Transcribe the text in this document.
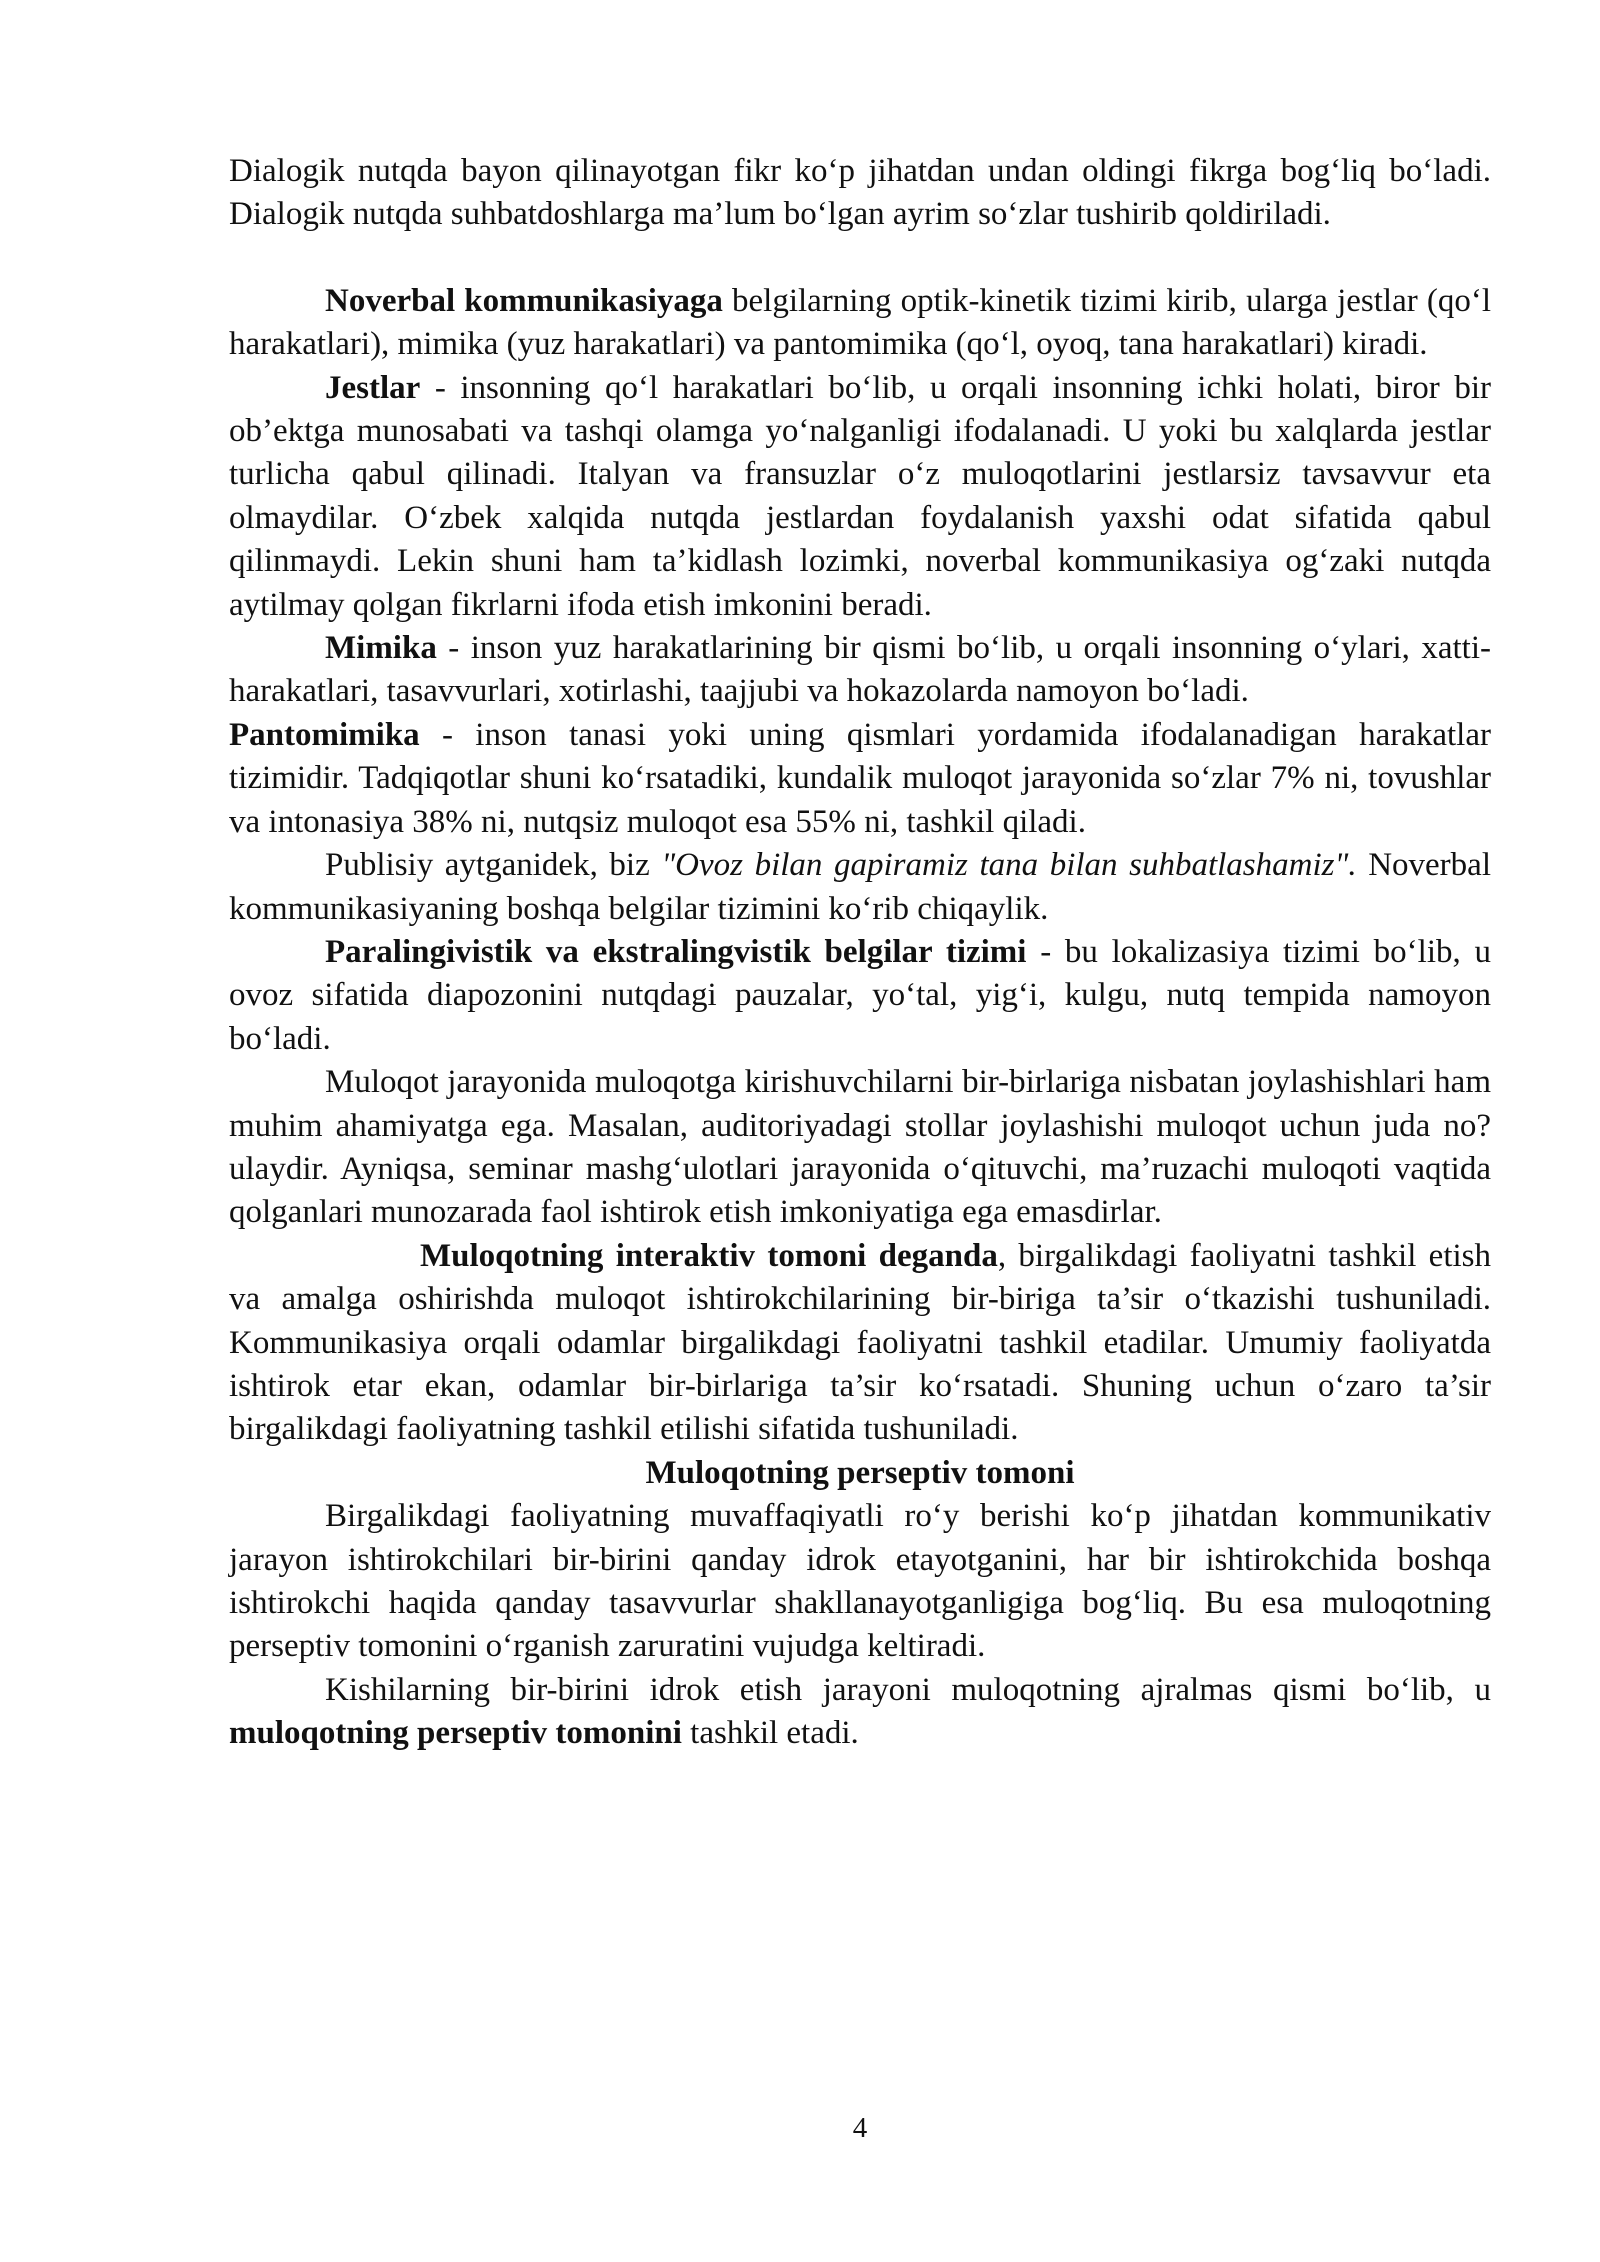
Dialogik nutqda bayon qilinayotgan fikr ko‘p jihatdan undan oldingi fikrga bog‘liq bo‘ladi. Dialogik nutqda suhbatdoshlarga ma’lum bo‘lgan ayrim so‘zlar tushirib qoldiriladi.

Noverbal kommunikasiyaga belgilarning optik-kinetik tizimi kirib, ularga jestlar (qo‘l harakatlari), mimika (yuz harakatlari) va pantomimika (qo‘l, oyoq, tana harakatlari) kiradi.

Jestlar - insonning qo‘l harakatlari bo‘lib, u orqali insonning ichki holati, biror bir ob’ektga munosabati va tashqi olamga yo‘nalganligi ifodalanadi. U yoki bu xalqlarda jestlar turlicha qabul qilinadi. Italyan va fransuzlar o‘z muloqotlarini jestlarsiz tavsavvur eta olmaydilar. O‘zbek xalqida nutqda jestlardan foydalanish yaxshi odat sifatida qabul qilinmaydi. Lekin shuni ham ta’kidlash lozimki, noverbal kommunikasiya og‘zaki nutqda aytilmay qolgan fikrlarni ifoda etish imkonini beradi.

Mimika - inson yuz harakatlarining bir qismi bo‘lib, u orqali insonning o‘ylari, xatti-harakatlari, tasavvurlari, xotirlashi, taajjubi va hokazolarda namoyon bo‘ladi.

Pantomimika - inson tanasi yoki uning qismlari yordamida ifodalanadigan harakatlar tizimidir. Tadqiqotlar shuni ko‘rsatadiki, kundalik muloqot jarayonida so‘zlar 7% ni, tovushlar va intonasiya 38% ni, nutqsiz muloqot esa 55% ni, tashkil qiladi.

Publisiy aytganidek, biz "Ovoz bilan gapiramiz tana bilan suhbatlashamiz". Noverbal kommunikasiyaning boshqa belgilar tizimini ko‘rib chiqaylik.

Paralingivistik va ekstralingvistik belgilar tizimi - bu lokalizasiya tizimi bo‘lib, u ovoz sifatida diapozonini nutqdagi pauzalar, yo‘tal, yig‘i, kulgu, nutq tempida namoyon bo‘ladi.

Muloqot jarayonida muloqotga kirishuvchilarni bir-birlariga nisbatan joylashishlari ham muhim ahamiyatga ega. Masalan, auditoriyadagi stollar joylashishi muloqot uchun juda no?ulaydir. Ayniqsa, seminar mashg‘ulotlari jarayonida o‘qituvchi, ma’ruzachi muloqoti vaqtida qolganlari munozarada faol ishtirok etish imkoniyatiga ega emasdirlar.

Muloqotning interaktiv tomoni deganda, birgalikdagi faoliyatni tashkil etish va amalga oshirishda muloqot ishtirokchilarining bir-biriga ta’sir o‘tkazishi tushuniladi. Kommunikasiya orqali odamlar birgalikdagi faoliyatni tashkil etadilar. Umumiy faoliyatda ishtirok etar ekan, odamlar bir-birlariga ta’sir ko‘rsatadi. Shuning uchun o‘zaro ta’sir birgalikdagi faoliyatning tashkil etilishi sifatida tushuniladi.

Muloqotning perseptiv tomoni

Birgalikdagi faoliyatning muvaffaqiyatli ro‘y berishi ko‘p jihatdan kommunikativ jarayon ishtirokchilari bir-birini qanday idrok etayotganini, har bir ishtirokchida boshqa ishtirokchi haqida qanday tasavvurlar shakllanayotganligiga bog‘liq. Bu esa muloqotning perseptiv tomonini o‘rganish zaruratini vujudga keltiradi.

Kishilarning bir-birini idrok etish jarayoni muloqotning ajralmas qismi bo‘lib, u muloqotning perseptiv tomonini tashkil etadi.

4
